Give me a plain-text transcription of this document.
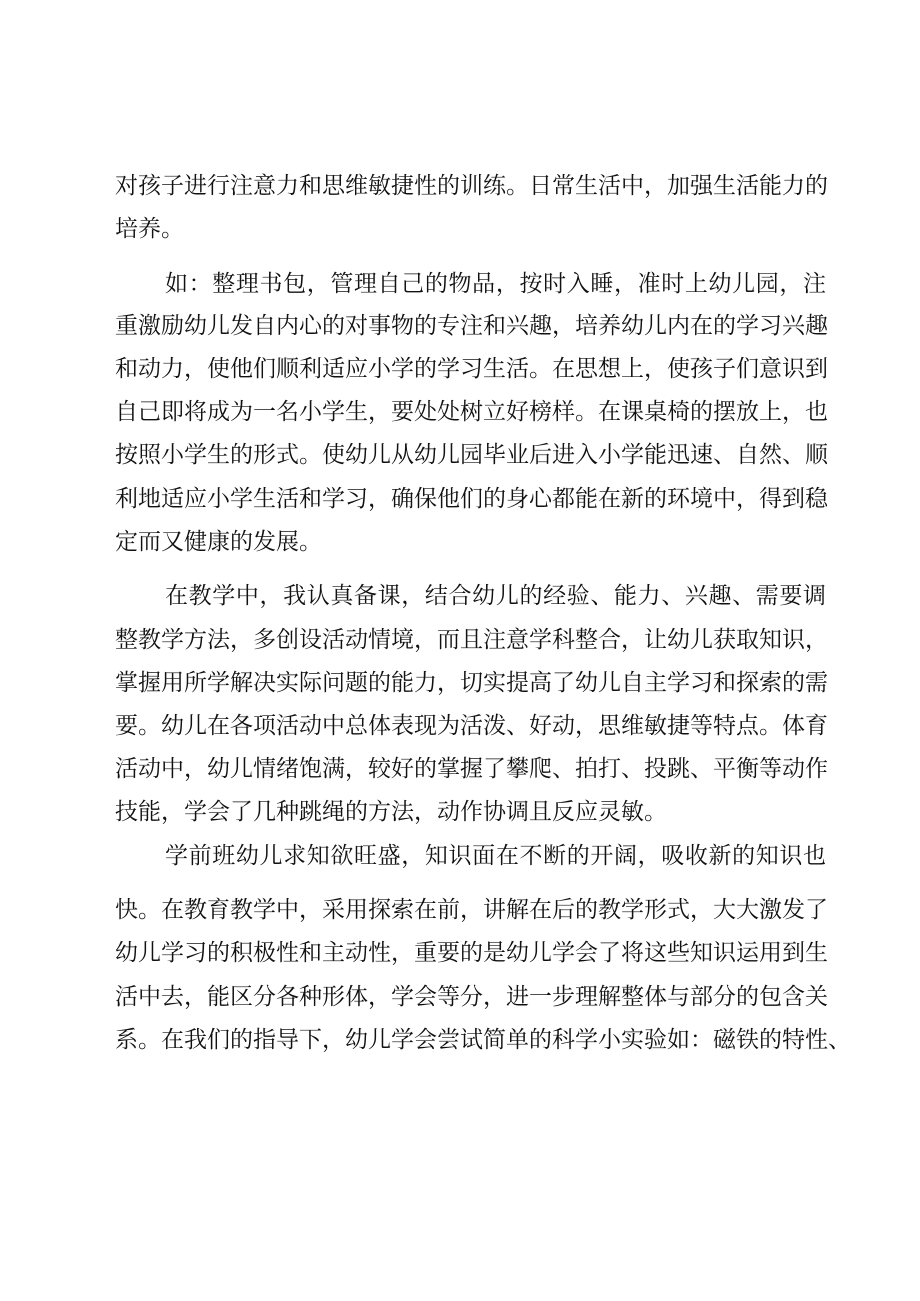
对孩子进行注意力和思维敏捷性的训练。日常生活中，加强生活能力的
培养。
如：整理书包，管理自己的物品，按时入睡，准时上幼儿园，注
重激励幼儿发自内心的对事物的专注和兴趣，培养幼儿内在的学习兴趣
和动力，使他们顺利适应小学的学习生活。在思想上，使孩子们意识到
自己即将成为一名小学生，要处处树立好榜样。在课桌椅的摆放上，也
按照小学生的形式。使幼儿从幼儿园毕业后进入小学能迅速、自然、顺
利地适应小学生活和学习，确保他们的身心都能在新的环境中，得到稳
定而又健康的发展。
在教学中，我认真备课，结合幼儿的经验、能力、兴趣、需要调
整教学方法，多创设活动情境，而且注意学科整合，让幼儿获取知识，
掌握用所学解决实际问题的能力，切实提高了幼儿自主学习和探索的需
要。幼儿在各项活动中总体表现为活泼、好动，思维敏捷等特点。体育
活动中，幼儿情绪饱满，较好的掌握了攀爬、拍打、投跳、平衡等动作
技能，学会了几种跳绳的方法，动作协调且反应灵敏。
学前班幼儿求知欲旺盛，知识面在不断的开阔，吸收新的知识也
快。在教育教学中，采用探索在前，讲解在后的教学形式，大大激发了
幼儿学习的积极性和主动性，重要的是幼儿学会了将这些知识运用到生
活中去，能区分各种形体，学会等分，进一步理解整体与部分的包含关
系。在我们的指导下，幼儿学会尝试简单的科学小实验如：磁铁的特性、
